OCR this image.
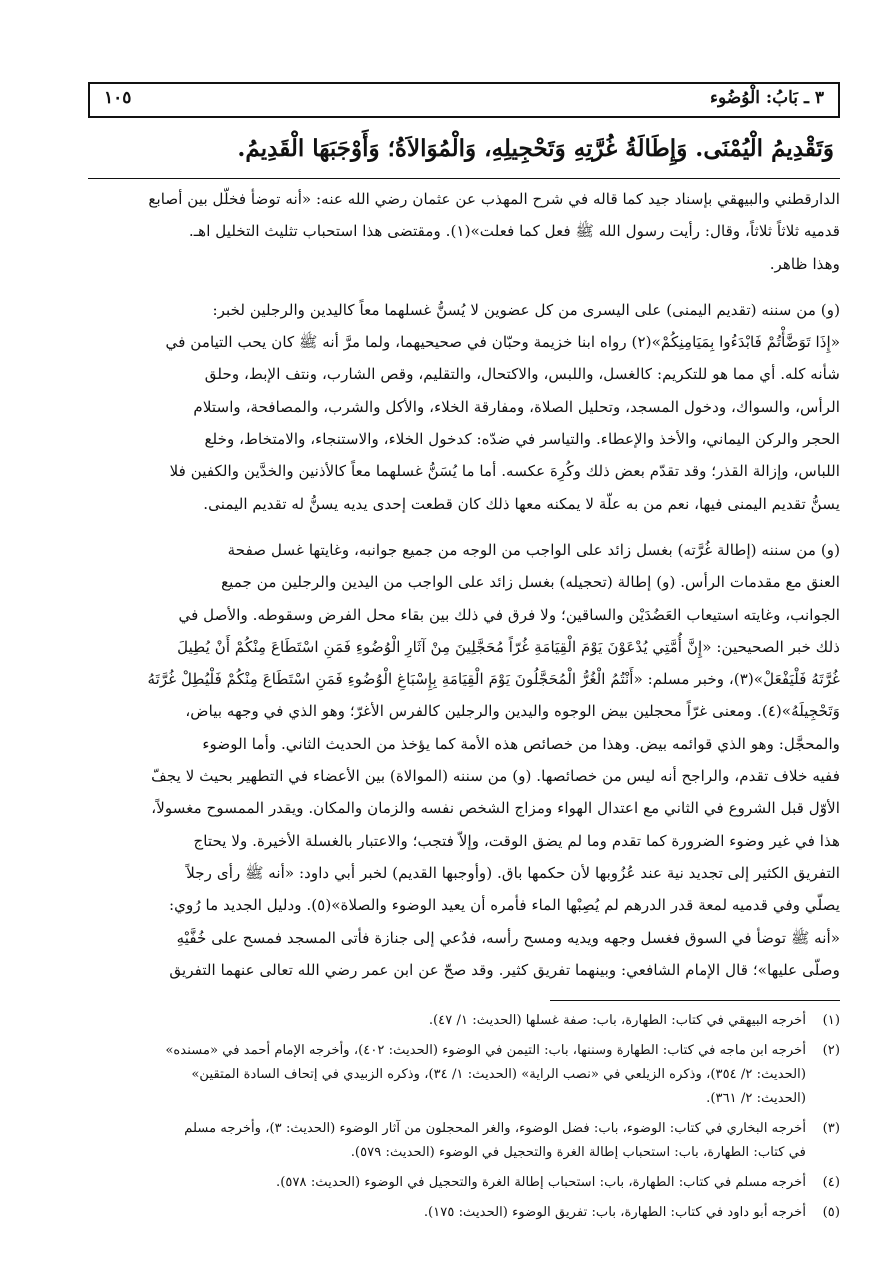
٣ ـ بَابُ: الْوُضُوء
١٠٥
وَتَقْدِيمُ الْيُمْنَى. وَإِطَالَةُ غُرَّتِهِ وَتَحْجِيلِهِ، وَالْمُوَالاَةُ؛ وَأَوْجَبَهَا الْقَدِيمُ.
الدارقطني والبيهقي بإسناد جيد كما قاله في شرح المهذب عن عثمان رضي الله عنه: «أنه توضأ فخلّل بين أصابع
قدميه ثلاثاً ثلاثاً، وقال: رأيت رسول الله ﷺ فعل كما فعلت»(١). ومقتضى هذا استحباب تثليث التخليل اهـ.
وهذا ظاهر.
(و) من سننه (تقديم اليمنى) على اليسرى من كل عضوين لا يُسنُّ غسلهما معاً كاليدين والرجلين لخبر:
«إِذَا تَوَضَّأْتُمْ فَابْدَءُوا بِمَيَامِنِكُمْ»(٢) رواه ابنا خزيمة وحبّان في صحيحيهما، ولما مرَّ أنه ﷺ كان يحب التيامن في
شأنه كله. أي مما هو للتكريم: كالغسل، واللبس، والاكتحال، والتقليم، وقص الشارب، ونتف الإبط، وحلق
الرأس، والسواك، ودخول المسجد، وتحليل الصلاة، ومفارقة الخلاء، والأكل والشرب، والمصافحة، واستلام
الحجر والركن اليماني، والأخذ والإعطاء. والتياسر في ضدّه: كدخول الخلاء، والاستنجاء، والامتخاط، وخلع
اللباس، وإزالة القذر؛ وقد تقدّم بعض ذلك وكُرِهَ عكسه. أما ما يُسَنُّ غسلهما معاً كالأذنين والخدَّين والكفين فلا
يسنُّ تقديم اليمنى فيها، نعم من به علّة لا يمكنه معها ذلك كان قطعت إحدى يديه يسنُّ له تقديم اليمنى.
(و) من سننه (إطالة غُرَّته) بغسل زائد على الواجب من الوجه من جميع جوانبه، وغايتها غسل صفحة
العنق مع مقدمات الرأس. (و) إطالة (تحجيله) بغسل زائد على الواجب من اليدين والرجلين من جميع
الجوانب، وغايته استيعاب العَضُدَيْن والساقين؛ ولا فرق في ذلك بين بقاء محل الفرض وسقوطه. والأصل في
ذلك خبر الصحيحين: «إِنَّ أُمَّتِي يُدْعَوْنَ يَوْمَ الْقِيَامَةِ غُرّاً مُحَجَّلِينَ مِنْ آثَارِ الْوُضُوءِ فَمَنِ اسْتَطَاعَ مِنْكُمْ أَنْ يُطِيلَ
غُرَّتَهُ فَلْيَفْعَلْ»(٣)، وخبر مسلم: «أَنْتُمُ الْغُرُّ الْمُحَجَّلُونَ يَوْمَ الْقِيَامَةِ بِإِسْبَاغِ الْوُضُوءِ فَمَنِ اسْتَطَاعَ مِنْكُمْ فَلْيُطِلْ غُرَّتَهُ
وَتَحْجِيلَهُ»(٤). ومعنى غرّاً محجلين بيض الوجوه واليدين والرجلين كالفرس الأغرّ؛ وهو الذي في وجهه بياض،
والمحجَّل: وهو الذي قوائمه بيض. وهذا من خصائص هذه الأمة كما يؤخذ من الحديث الثاني. وأما الوضوء
ففيه خلاف تقدم، والراجح أنه ليس من خصائصها. (و) من سننه (الموالاة) بين الأعضاء في التطهير بحيث لا يجفّ
الأوّل قبل الشروع في الثاني مع اعتدال الهواء ومزاج الشخص نفسه والزمان والمكان. ويقدر الممسوح مغسولاً،
هذا في غير وضوء الضرورة كما تقدم وما لم يضق الوقت، وإلاّ فتجب؛ والاعتبار بالغسلة الأخيرة. ولا يحتاج
التفريق الكثير إلى تجديد نية عند عُزُوبها لأن حكمها باق. (وأوجبها القديم) لخبر أبي داود: «أنه ﷺ رأى رجلاً
يصلّي وفي قدميه لمعة قدر الدرهم لم يُصِبْها الماء فأمره أن يعيد الوضوء والصلاة»(٥). ودليل الجديد ما رُوي:
«أنه ﷺ توضأ في السوق فغسل وجهه ويديه ومسح رأسه، فدُعي إلى جنازة فأتى المسجد فمسح على خُفَّيْهِ
وصلّى عليها»؛ قال الإمام الشافعي: وبينهما تفريق كثير. وقد صحّ عن ابن عمر رضي الله تعالى عنهما التفريق
(١)
أخرجه البيهقي في كتاب: الطهارة، باب: صفة غسلها (الحديث: ١/ ٤٧).
(٢)
أخرجه ابن ماجه في كتاب: الطهارة وسننها، باب: التيمن في الوضوء (الحديث: ٤٠٢)، وأخرجه الإمام أحمد في «مسنده»
(الحديث: ٢/ ٣٥٤)، وذكره الزيلعي في «نصب الراية» (الحديث: ١/ ٣٤)، وذكره الزبيدي في إتحاف السادة المتقين»
(الحديث: ٢/ ٣٦١).
(٣)
أخرجه البخاري في كتاب: الوضوء، باب: فضل الوضوء، والغر المحجلون من آثار الوضوء (الحديث: ٣)، وأخرجه مسلم
في كتاب: الطهارة، باب: استحباب إطالة الغرة والتحجيل في الوضوء (الحديث: ٥٧٩).
(٤)
أخرجه مسلم في كتاب: الطهارة، باب: استحباب إطالة الغرة والتحجيل في الوضوء (الحديث: ٥٧٨).
(٥)
أخرجه أبو داود في كتاب: الطهارة، باب: تفريق الوضوء (الحديث: ١٧٥).
